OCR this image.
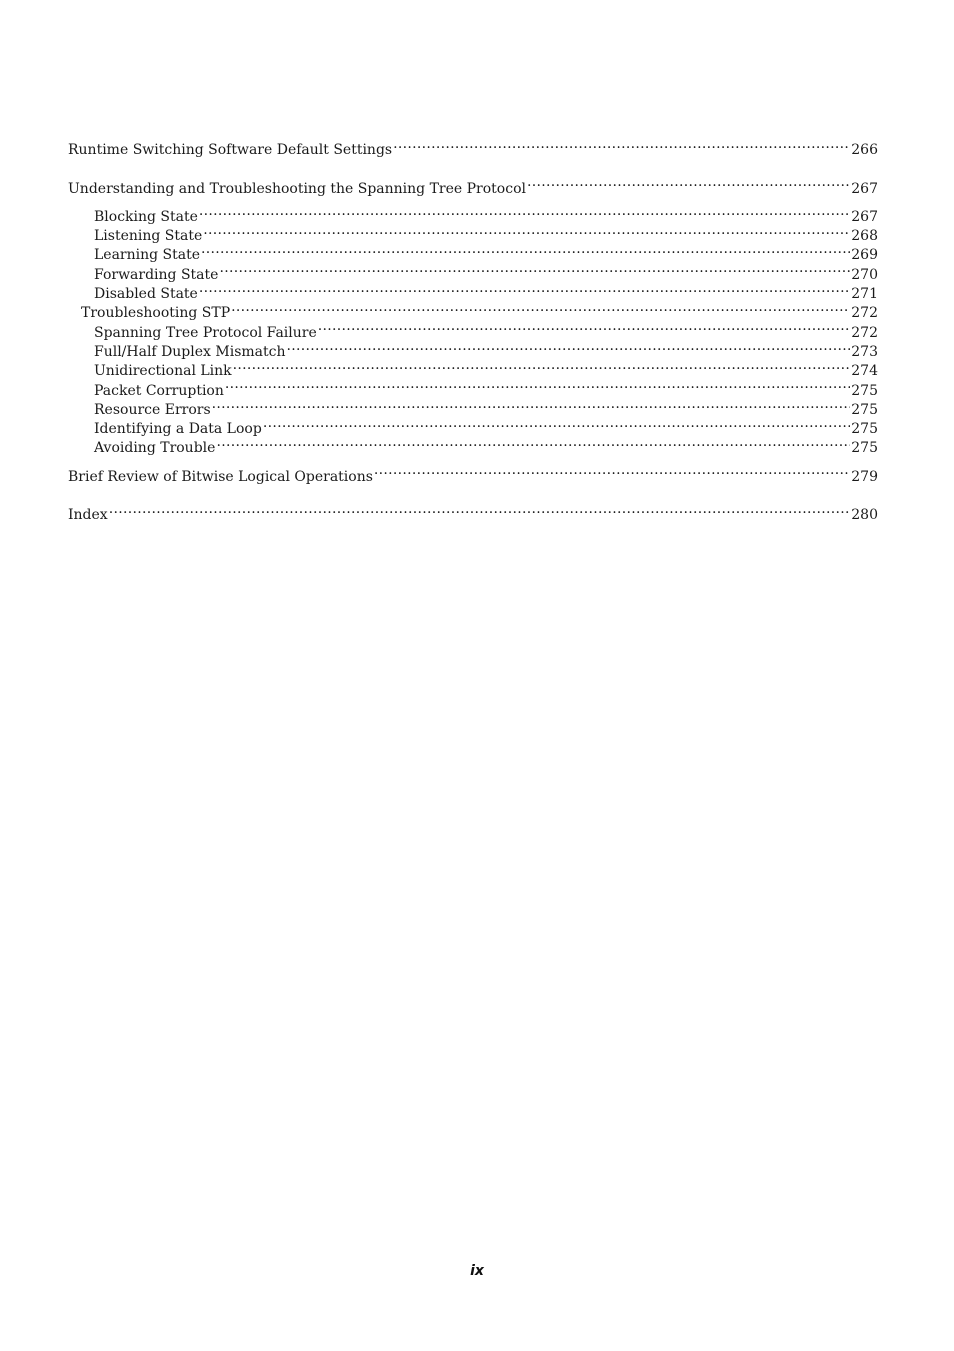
Runtime Switching Software Default Settings .....	266
Understanding and Troubleshooting the Spanning Tree Protocol .....	267
Blocking State .....	267
Listening State .....	268
Learning State .....	269
Forwarding State .....	270
Disabled State .....	271
Troubleshooting STP .....	272
Spanning Tree Protocol Failure .....	272
Full/Half Duplex Mismatch .....	273
Unidirectional Link .....	274
Packet Corruption .....	275
Resource Errors .....	275
Identifying a Data Loop .....	275
Avoiding Trouble .....	275
Brief Review of Bitwise Logical Operations .....	279
Index .....	280
ix
